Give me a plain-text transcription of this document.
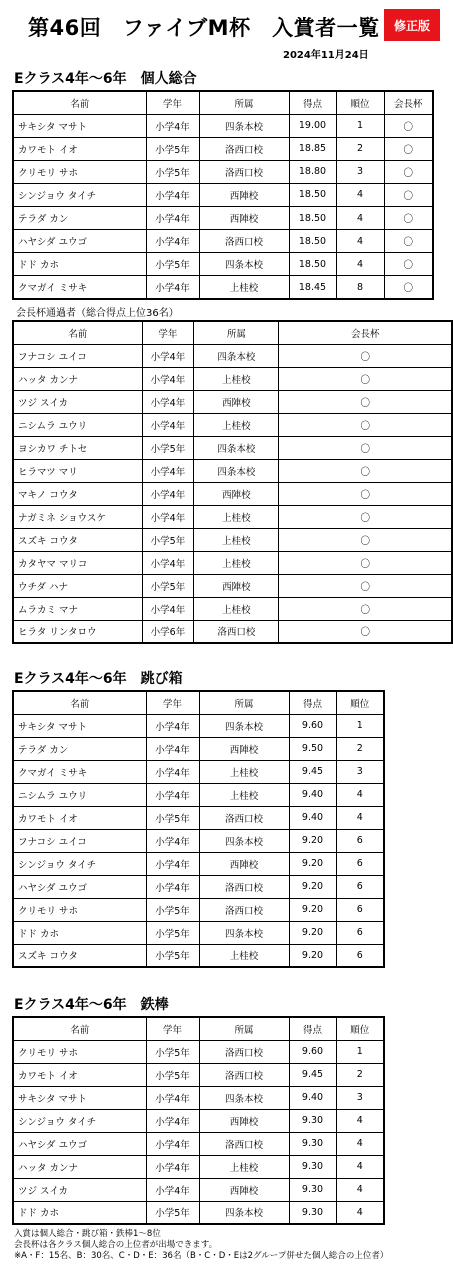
第46回　ファイブM杯　入賞者一覧	修正版
2024年11月24日
Eクラス4年～6年　個人総合
名前	学年	所属	得点	順位	会長杯
サキシタ マサト	小学4年	四条本校	19.00	1	〇
カワモト イオ	小学5年	洛西口校	18.85	2	〇
クリモリ サホ	小学5年	洛西口校	18.80	3	〇
シンジョウ タイチ	小学4年	西陣校	18.50	4	〇
テラダ カン	小学4年	西陣校	18.50	4	〇
ハヤシダ ユウゴ	小学4年	洛西口校	18.50	4	〇
ドド カホ	小学5年	四条本校	18.50	4	〇
クマガイ ミサキ	小学4年	上桂校	18.45	8	〇
会長杯通過者（総合得点上位36名）
名前	学年	所属	会長杯
フナコシ ユイコ	小学4年	四条本校	〇
ハッタ カンナ	小学4年	上桂校	〇
ツジ スイカ	小学4年	西陣校	〇
ニシムラ ユウリ	小学4年	上桂校	〇
ヨシカワ チトセ	小学5年	四条本校	〇
ヒラマツ マリ	小学4年	四条本校	〇
マキノ コウタ	小学4年	西陣校	〇
ナガミネ ショウスケ	小学4年	上桂校	〇
スズキ コウタ	小学5年	上桂校	〇
カタヤマ マリコ	小学4年	上桂校	〇
ウチダ ハナ	小学5年	西陣校	〇
ムラカミ マナ	小学4年	上桂校	〇
ヒラタ リンタロウ	小学6年	洛西口校	〇
Eクラス4年～6年　跳び箱
名前	学年	所属	得点	順位
サキシタ マサト	小学4年	四条本校	9.60	1
テラダ カン	小学4年	西陣校	9.50	2
クマガイ ミサキ	小学4年	上桂校	9.45	3
ニシムラ ユウリ	小学4年	上桂校	9.40	4
カワモト イオ	小学5年	洛西口校	9.40	4
フナコシ ユイコ	小学4年	四条本校	9.20	6
シンジョウ タイチ	小学4年	西陣校	9.20	6
ハヤシダ ユウゴ	小学4年	洛西口校	9.20	6
クリモリ サホ	小学5年	洛西口校	9.20	6
ドド カホ	小学5年	四条本校	9.20	6
スズキ コウタ	小学5年	上桂校	9.20	6
Eクラス4年～6年　鉄棒
名前	学年	所属	得点	順位
クリモリ サホ	小学5年	洛西口校	9.60	1
カワモト イオ	小学5年	洛西口校	9.45	2
サキシタ マサト	小学4年	四条本校	9.40	3
シンジョウ タイチ	小学4年	西陣校	9.30	4
ハヤシダ ユウゴ	小学4年	洛西口校	9.30	4
ハッタ カンナ	小学4年	上桂校	9.30	4
ツジ スイカ	小学4年	西陣校	9.30	4
ドド カホ	小学5年	四条本校	9.30	4
入賞は個人総合・跳び箱・鉄棒1～8位
会長杯は各クラス個人総合の上位者が出場できます。
※A・F：15名、B：30名、C・D・E：36名（B・C・D・Eは2グループ併せた個人総合の上位者）
